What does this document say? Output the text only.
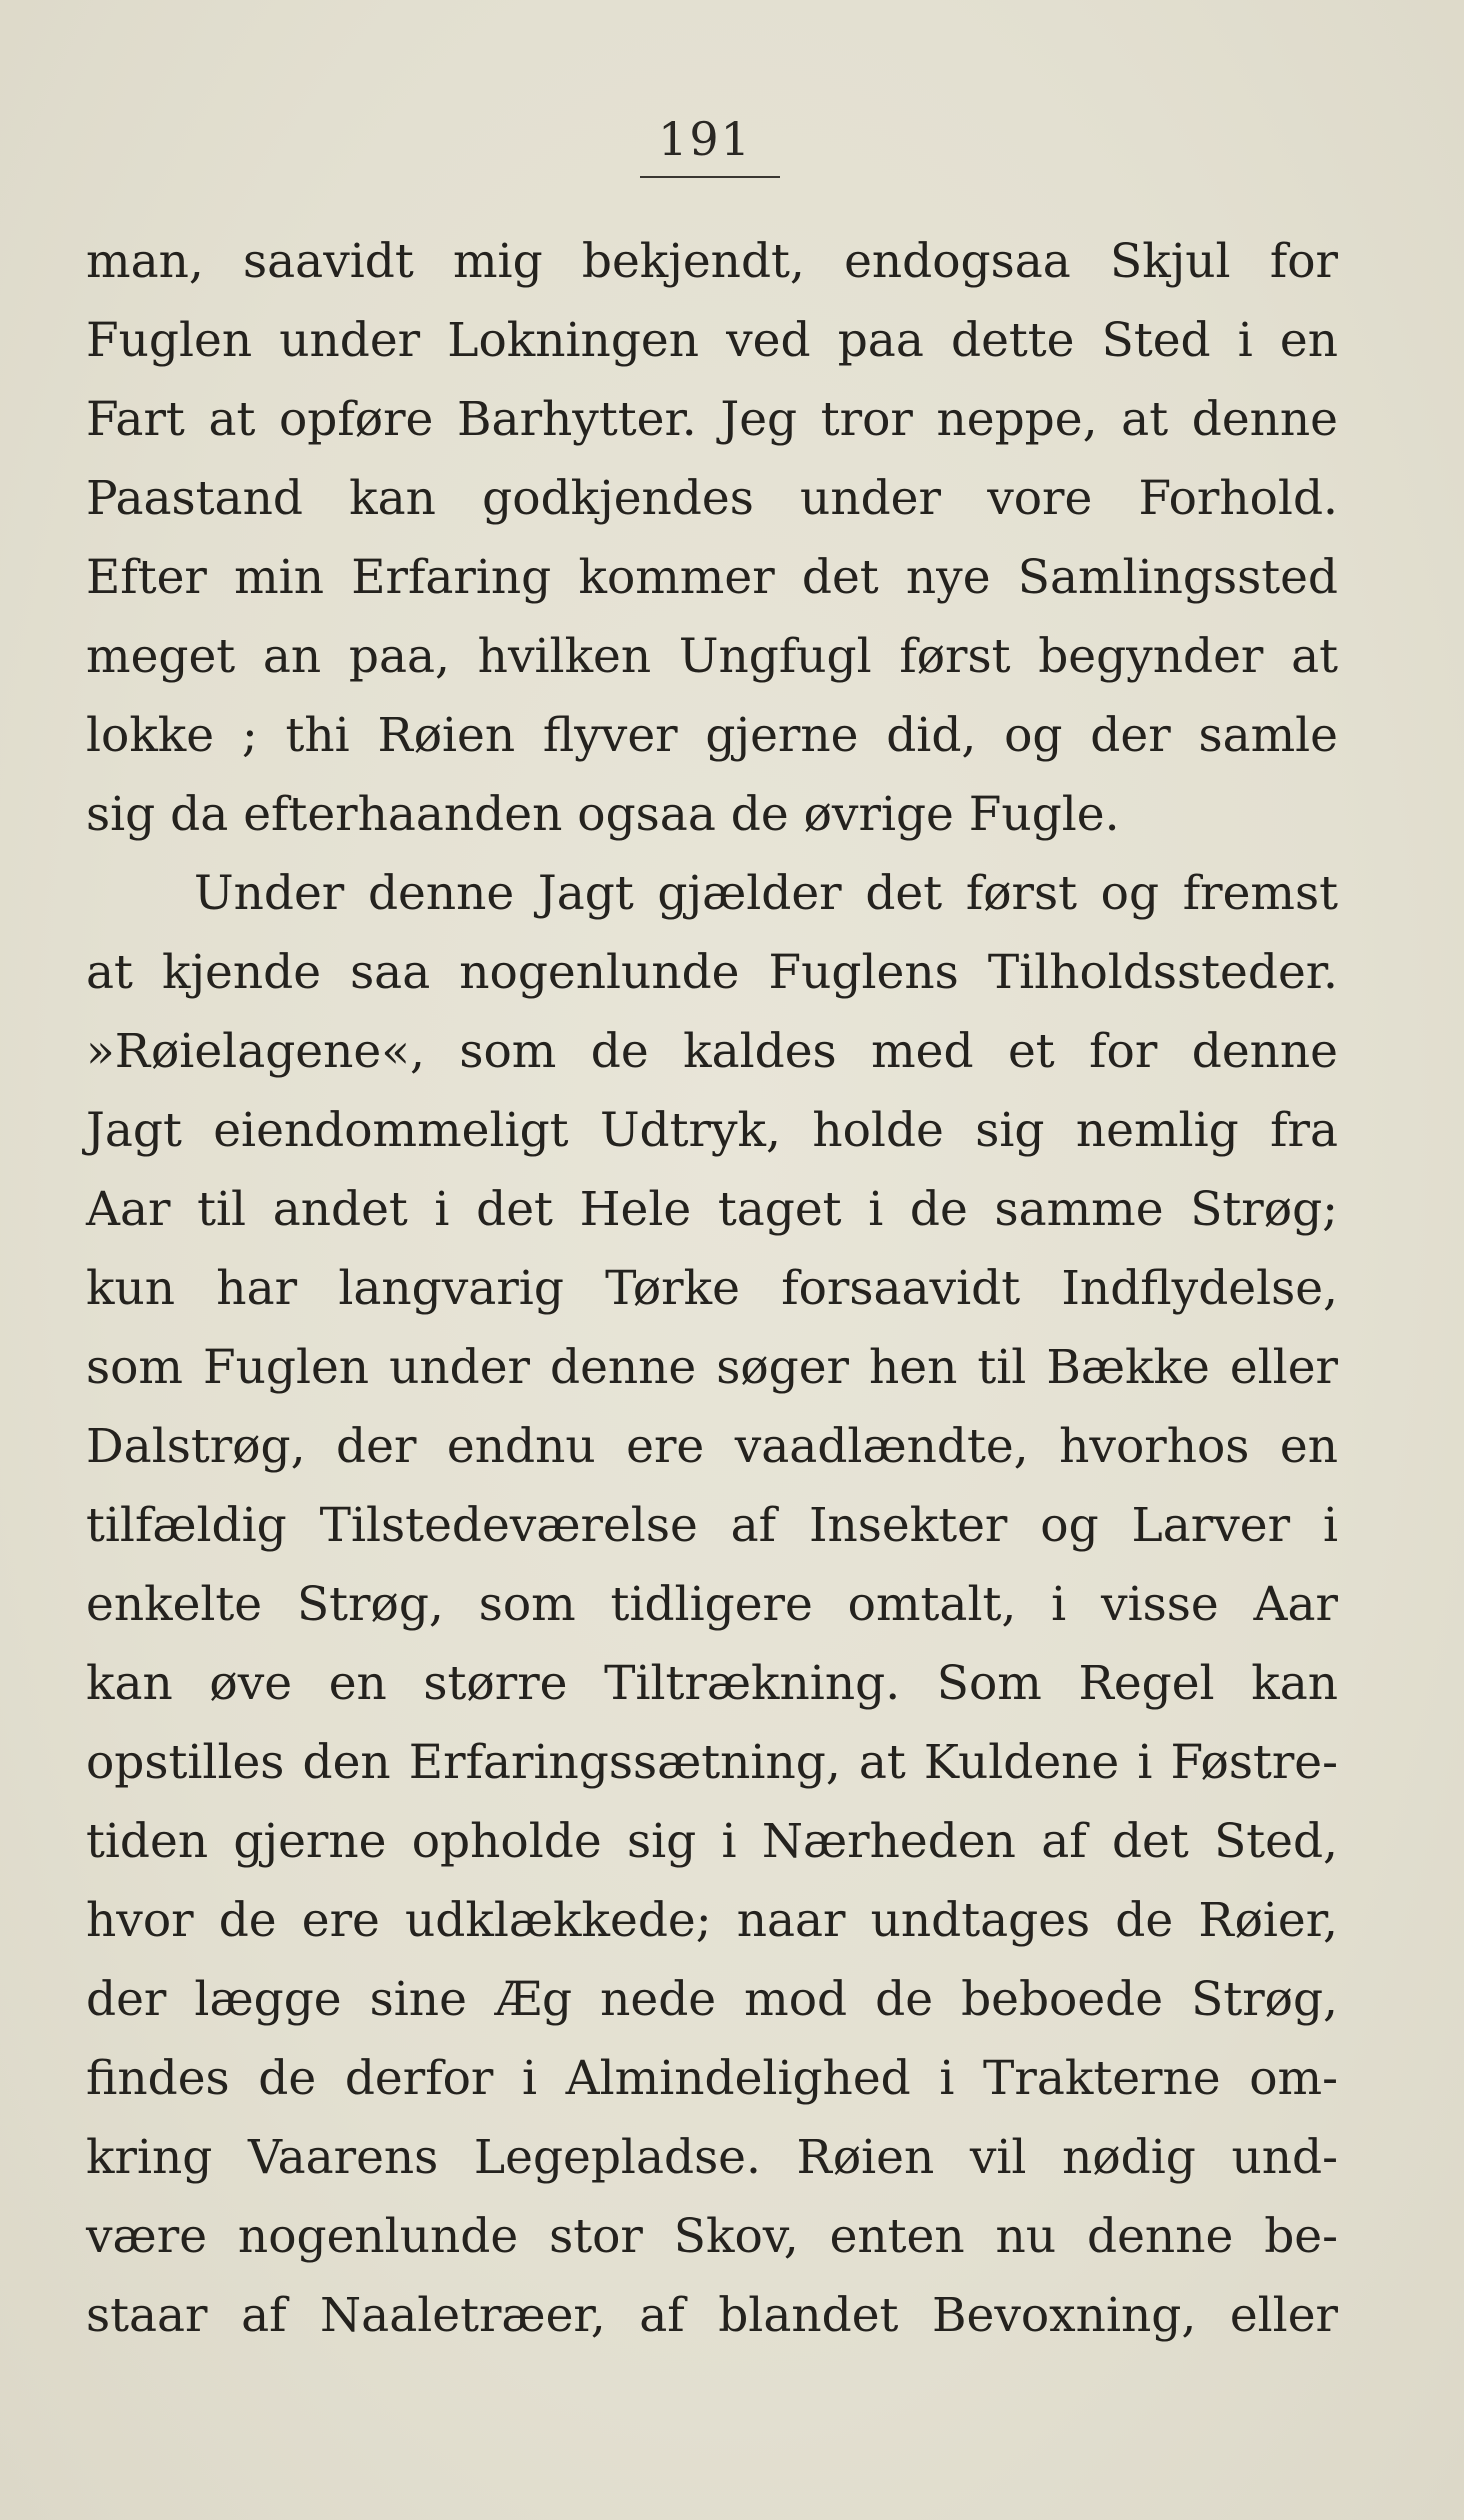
191
man, saavidt mig bekjendt, endogsaa Skjul for
Fuglen under Lokningen ved paa dette Sted i en
Fart at opføre Barhytter. Jeg tror neppe, at denne
Paastand kan godkjendes under vore Forhold.
Efter min Erfaring kommer det nye Samlingssted
meget an paa, hvilken Ungfugl først begynder at
lokke ; thi Røien flyver gjerne did, og der samle
sig da efterhaanden ogsaa de øvrige Fugle.
Under denne Jagt gjælder det først og fremst
at kjende saa nogenlunde Fuglens Tilholdssteder.
»Røielagene«, som de kaldes med et for denne
Jagt eiendommeligt Udtryk, holde sig nemlig fra
Aar til andet i det Hele taget i de samme Strøg;
kun har langvarig Tørke forsaavidt Indflydelse,
som Fuglen under denne søger hen til Bække eller
Dalstrøg, der endnu ere vaadlændte, hvorhos en
tilfældig Tilstedeværelse af Insekter og Larver i
enkelte Strøg, som tidligere omtalt, i visse Aar
kan øve en større Tiltrækning. Som Regel kan
opstilles den Erfaringssætning, at Kuldene i Føstre-
tiden gjerne opholde sig i Nærheden af det Sted,
hvor de ere udklækkede; naar undtages de Røier,
der lægge sine Æg nede mod de beboede Strøg,
findes de derfor i Almindelighed i Trakterne om-
kring Vaarens Legepladse. Røien vil nødig und-
være nogenlunde stor Skov, enten nu denne be-
staar af Naaletræer, af blandet Bevoxning, eller
